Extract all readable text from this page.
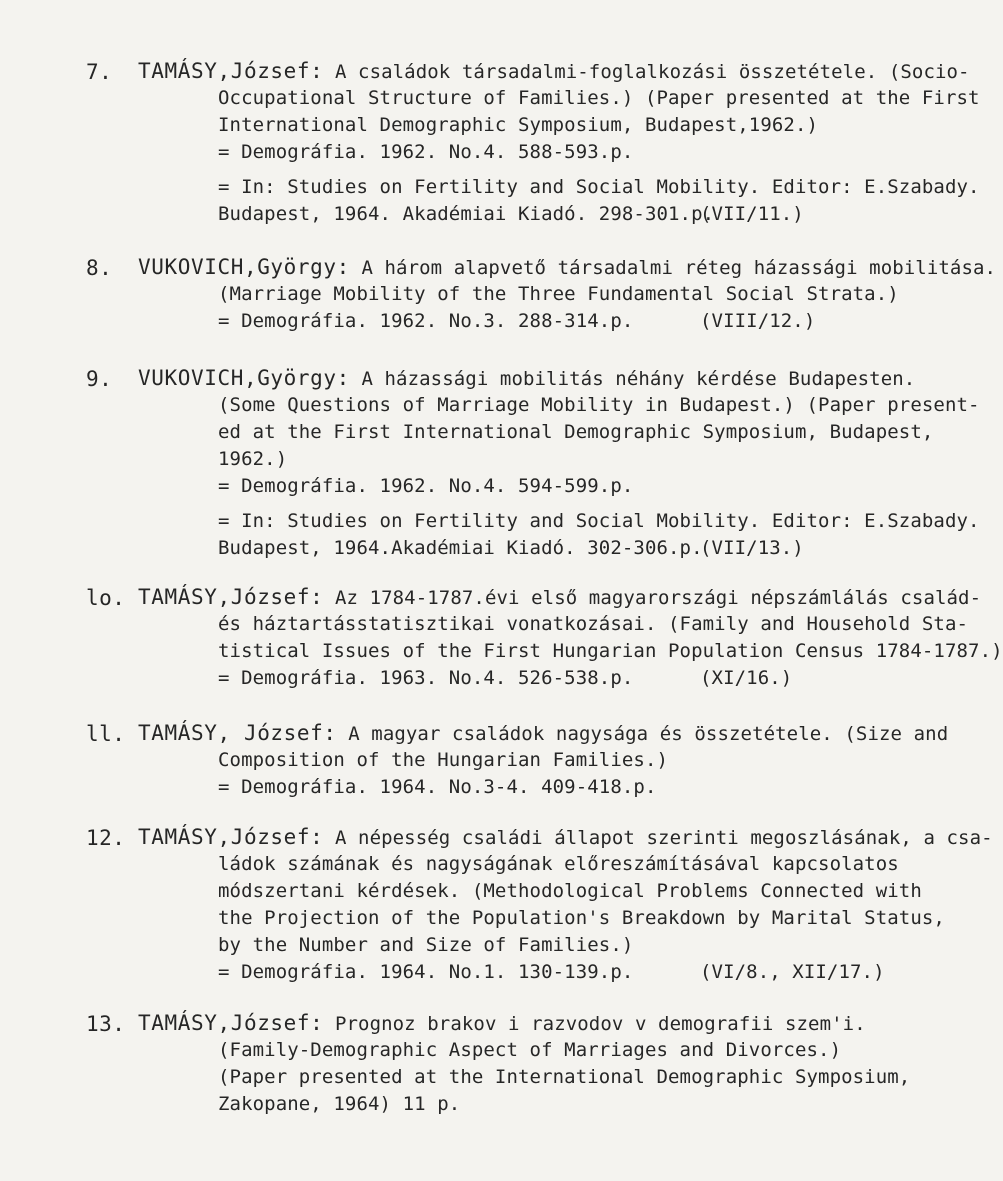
7. TAMÁSY,József: A családok társadalmi-foglalkozási összetétele. (Socio-
Occupational Structure of Families.) (Paper presented at the First
International Demographic Symposium, Budapest,1962.)
= Demográfia. 1962. No.4. 588-593.p.
= In: Studies on Fertility and Social Mobility. Editor: E.Szabady.
Budapest, 1964. Akadémiai Kiadó. 298-301.p.
(VII/11.)
8. VUKOVICH,György: A három alapvető társadalmi réteg házassági mobilitása.
(Marriage Mobility of the Three Fundamental Social Strata.)
= Demográfia. 1962. No.3. 288-314.p.	(VIII/12.)
9. VUKOVICH,György: A házassági mobilitás néhány kérdése Budapesten.
(Some Questions of Marriage Mobility in Budapest.) (Paper present-
ed at the First International Demographic Symposium, Budapest,
1962.)
= Demográfia. 1962. No.4. 594-599.p.
= In: Studies on Fertility and Social Mobility. Editor: E.Szabady.
Budapest, 1964.Akadémiai Kiadó. 302-306.p.
(VII/13.)
lo. TAMÁSY,József: Az 1784-1787.évi első magyarországi népszámlálás család-
és háztartásstatisztikai vonatkozásai. (Family and Household Sta-
tistical Issues of the First Hungarian Population Census 1784-1787.)
= Demográfia. 1963. No.4. 526-538.p.	(XI/16.)
ll. TAMÁSY, József: A magyar családok nagysága és összetétele. (Size and
Composition of the Hungarian Families.)
= Demográfia. 1964. No.3-4. 409-418.p.
12. TAMÁSY,József: A népesség családi állapot szerinti megoszlásának, a csa-
ládok számának és nagyságának előreszámításával kapcsolatos
módszertani kérdések. (Methodological Problems Connected with
the Projection of the Population's Breakdown by Marital Status,
by the Number and Size of Families.)
= Demográfia. 1964. No.1. 130-139.p.	(VI/8., XII/17.)
13. TAMÁSY,József: Prognoz brakov i razvodov v demografii szem'i.
(Family-Demographic Aspect of Marriages and Divorces.)
(Paper presented at the International Demographic Symposium,
Zakopane, 1964) 11 p.
